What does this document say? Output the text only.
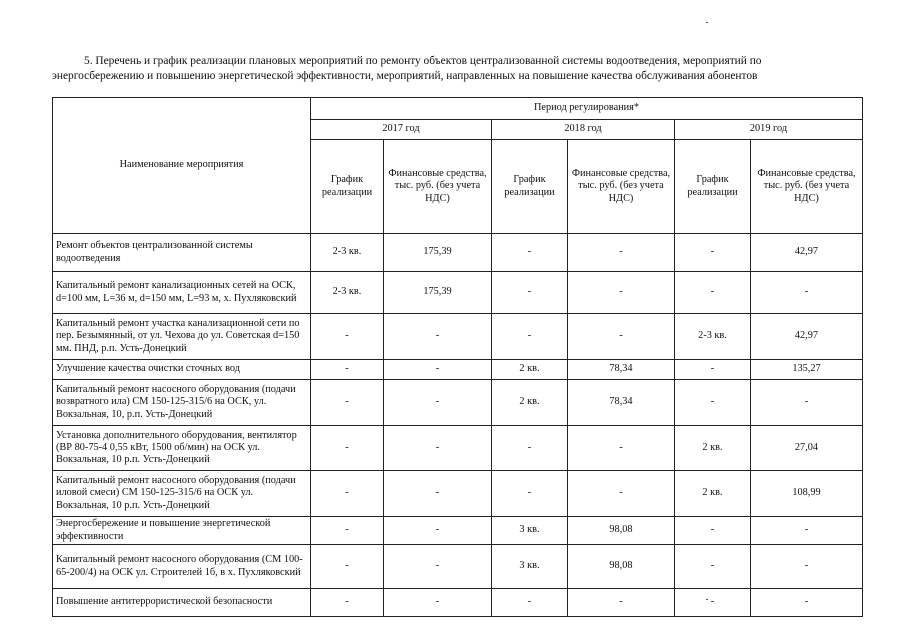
5. Перечень и график реализации плановых мероприятий по ремонту объектов централизованной системы водоотведения, мероприятий по
энергосбережению и повышению энергетической эффективности, мероприятий, направленных на повышение качества обслуживания абонентов
Наименование мероприятия	Период регулирования*					
	2017 год		2018 год		2019 год	
	График реализации	Финансовые средства, тыс. руб. (без учета НДС)	График реализации	Финансовые средства, тыс. руб. (без учета НДС)	График реализации	Финансовые средства, тыс. руб. (без учета НДС)
Ремонт объектов централизованной системы водоотведения	2-3 кв.	175,39	-	-	-	42,97
Капитальный ремонт канализационных сетей на ОСК, d=100 мм, L=36 м, d=150 мм, L=93 м, х. Пухляковский	2-3 кв.	175,39	-	-	-	-
Капитальный ремонт участка канализационной сети по пер. Безымянный, от ул. Чехова до ул. Советская d=150 мм. ПНД, р.п. Усть-Донецкий	-	-	-	-	2-3 кв.	42,97
Улучшение качества очистки сточных вод	-	-	2 кв.	78,34	-	135,27
Капитальный ремонт насосного оборудования (подачи возвратного ила) СМ 150-125-315/6 на ОСК, ул. Вокзальная, 10, р.п. Усть-Донецкий	-	-	2 кв.	78,34	-	-
Установка дополнительного оборудования, вентилятор (ВР 80-75-4 0,55 кВт, 1500 об/мин) на ОСК ул. Вокзальная, 10 р.п. Усть-Донецкий	-	-	-	-	2 кв.	27,04
Капитальный ремонт насосного оборудования (подачи иловой смеси) СМ 150-125-315/6 на ОСК ул. Вокзальная, 10 р.п. Усть-Донецкий	-	-	-	-	2 кв.	108,99
Энергосбережение и повышение энергетической эффективности	-	-	3 кв.	98,08	-	-
Капитальный ремонт насосного оборудования (СМ 100-65-200/4) на ОСК ул. Строителей 1б, в х. Пухляковский	-	-	3 кв.	98,08	-	-
Повышение антитеррористической безопасности	-	-	-	-	-	-
